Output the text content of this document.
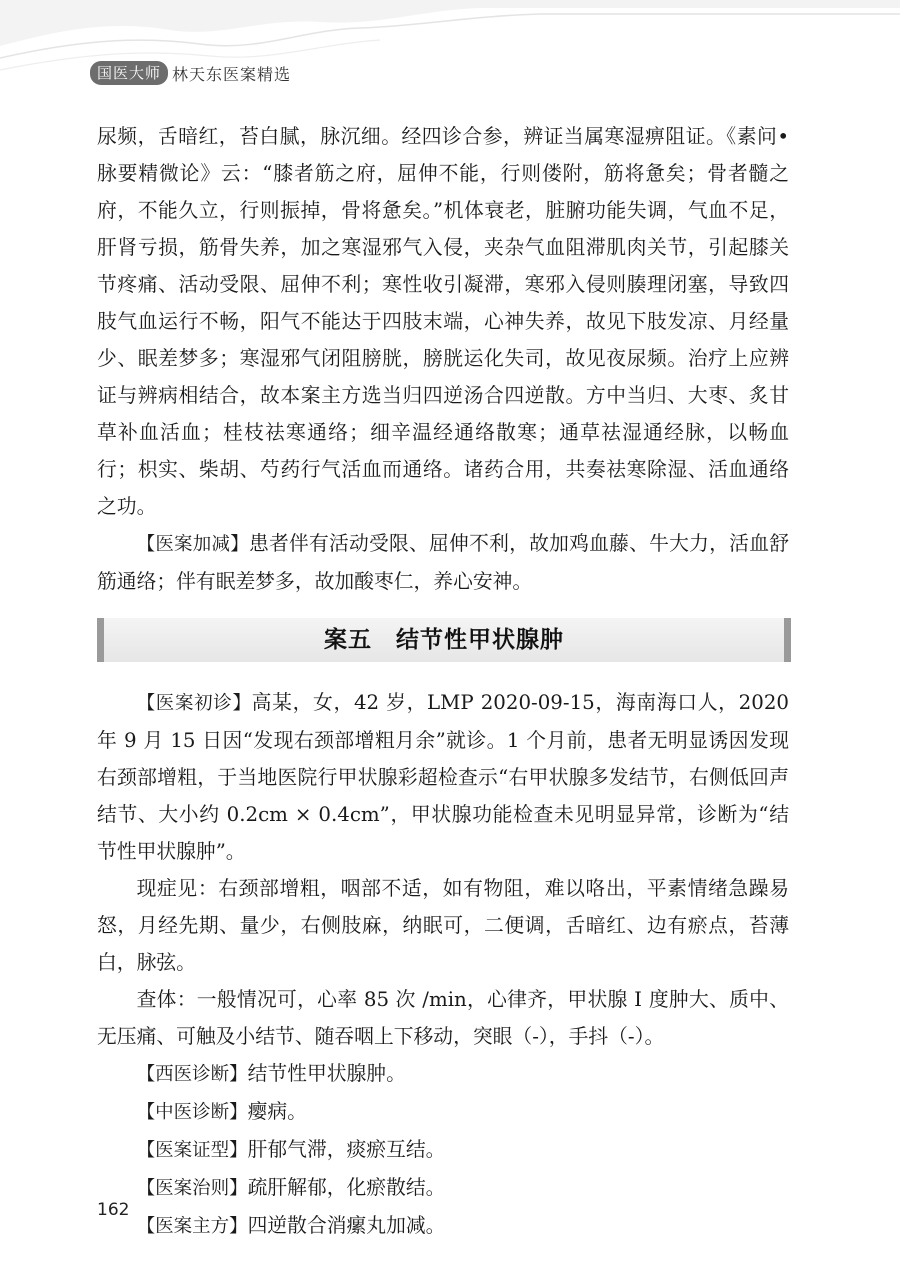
国医大师 林天东医案精选

尿频，舌暗红，苔白腻，脉沉细。经四诊合参，辨证当属寒湿痹阻证。《素问•脉要精微论》云：“膝者筋之府，屈伸不能，行则偻附，筋将惫矣；骨者髓之府，不能久立，行则振掉，骨将惫矣。”机体衰老，脏腑功能失调，气血不足，肝肾亏损，筋骨失养，加之寒湿邪气入侵，夹杂气血阻滞肌肉关节，引起膝关节疼痛、活动受限、屈伸不利；寒性收引凝滞，寒邪入侵则腠理闭塞，导致四肢气血运行不畅，阳气不能达于四肢末端，心神失养，故见下肢发凉、月经量少、眠差梦多；寒湿邪气闭阻膀胱，膀胱运化失司，故见夜尿频。治疗上应辨证与辨病相结合，故本案主方选当归四逆汤合四逆散。方中当归、大枣、炙甘草补血活血；桂枝祛寒通络；细辛温经通络散寒；通草祛湿通经脉，以畅血行；枳实、柴胡、芍药行气活血而通络。诸药合用，共奏祛寒除湿、活血通络之功。

【医案加减】患者伴有活动受限、屈伸不利，故加鸡血藤、牛大力，活血舒筋通络；伴有眠差梦多，故加酸枣仁，养心安神。

案五　结节性甲状腺肿

【医案初诊】高某，女，42 岁，LMP 2020-09-15，海南海口人，2020 年 9 月 15 日因“发现右颈部增粗月余”就诊。1 个月前，患者无明显诱因发现右颈部增粗，于当地医院行甲状腺彩超检查示“右甲状腺多发结节，右侧低回声结节、大小约 0.2cm × 0.4cm”，甲状腺功能检查未见明显异常，诊断为“结节性甲状腺肿”。

现症见：右颈部增粗，咽部不适，如有物阻，难以咯出，平素情绪急躁易怒，月经先期、量少，右侧肢麻，纳眠可，二便调，舌暗红、边有瘀点，苔薄白，脉弦。

查体：一般情况可，心率 85 次 /min，心律齐，甲状腺 Ⅰ 度肿大、质中、无压痛、可触及小结节、随吞咽上下移动，突眼（-），手抖（-）。

【西医诊断】结节性甲状腺肿。

【中医诊断】瘿病。

【医案证型】肝郁气滞，痰瘀互结。

【医案治则】疏肝解郁，化瘀散结。

【医案主方】四逆散合消瘰丸加减。

162
